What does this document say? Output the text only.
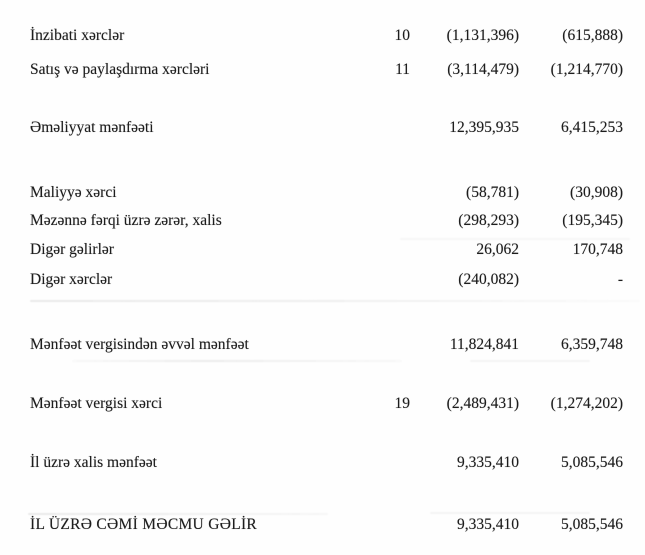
İnzibati xərclər	10	(1,131,396)	(615,888)
Satış və paylaşdırma xərcləri	11	(3,114,479)	(1,214,770)
Əməliyyat mənfəəti	12,395,935	6,415,253
Maliyyə xərci	(58,781)	(30,908)
Məzənnə fərqi üzrə zərər, xalis	(298,293)	(195,345)
Digər gəlirlər	26,062	170,748
Digər xərclər	(240,082)	-
Mənfəət vergisindən əvvəl mənfəət	11,824,841	6,359,748
Mənfəət vergisi xərci	19	(2,489,431)	(1,274,202)
İl üzrə xalis mənfəət	9,335,410	5,085,546
İL ÜZRƏ CƏMİ MƏCMU GƏLİR	9,335,410	5,085,546
